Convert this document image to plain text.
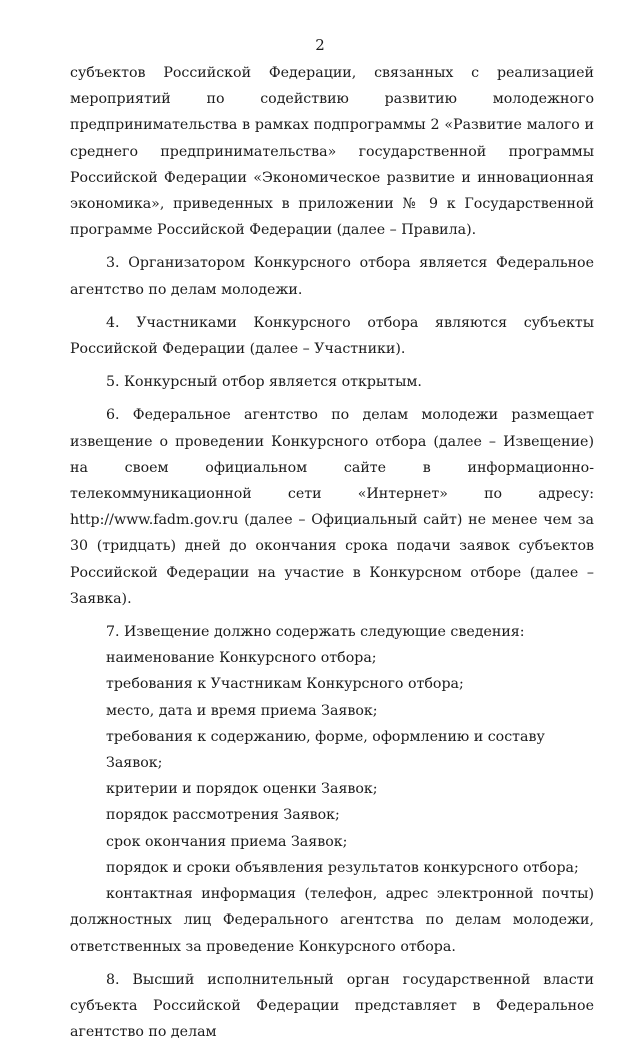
2

субъектов Российской Федерации, связанных с реализацией мероприятий по содействию развитию молодежного предпринимательства в рамках подпрограммы 2 «Развитие малого и среднего предпринимательства» государственной программы Российской Федерации «Экономическое развитие и инновационная экономика», приведенных в приложении № 9 к Государственной программе Российской Федерации (далее – Правила).

3. Организатором Конкурсного отбора является Федеральное агентство по делам молодежи.

4. Участниками Конкурсного отбора являются субъекты Российской Федерации (далее – Участники).

5. Конкурсный отбор является открытым.

6. Федеральное агентство по делам молодежи размещает извещение о проведении Конкурсного отбора (далее – Извещение) на своем официальном сайте в информационно-телекоммуникационной сети «Интернет» по адресу: http://www.fadm.gov.ru (далее – Официальный сайт) не менее чем за 30 (тридцать) дней до окончания срока подачи заявок субъектов Российской Федерации на участие в Конкурсном отборе (далее – Заявка).

7. Извещение должно содержать следующие сведения:

наименование Конкурсного отбора;

требования к Участникам Конкурсного отбора;

место, дата и время приема Заявок;

требования к содержанию, форме, оформлению и составу Заявок;

критерии и порядок оценки Заявок;

порядок рассмотрения Заявок;

срок окончания приема Заявок;

порядок и сроки объявления результатов конкурсного отбора;

контактная информация (телефон, адрес электронной почты) должностных лиц Федерального агентства по делам молодежи, ответственных за проведение Конкурсного отбора.

8. Высший исполнительный орган государственной власти субъекта Российской Федерации представляет в Федеральное агентство по делам
